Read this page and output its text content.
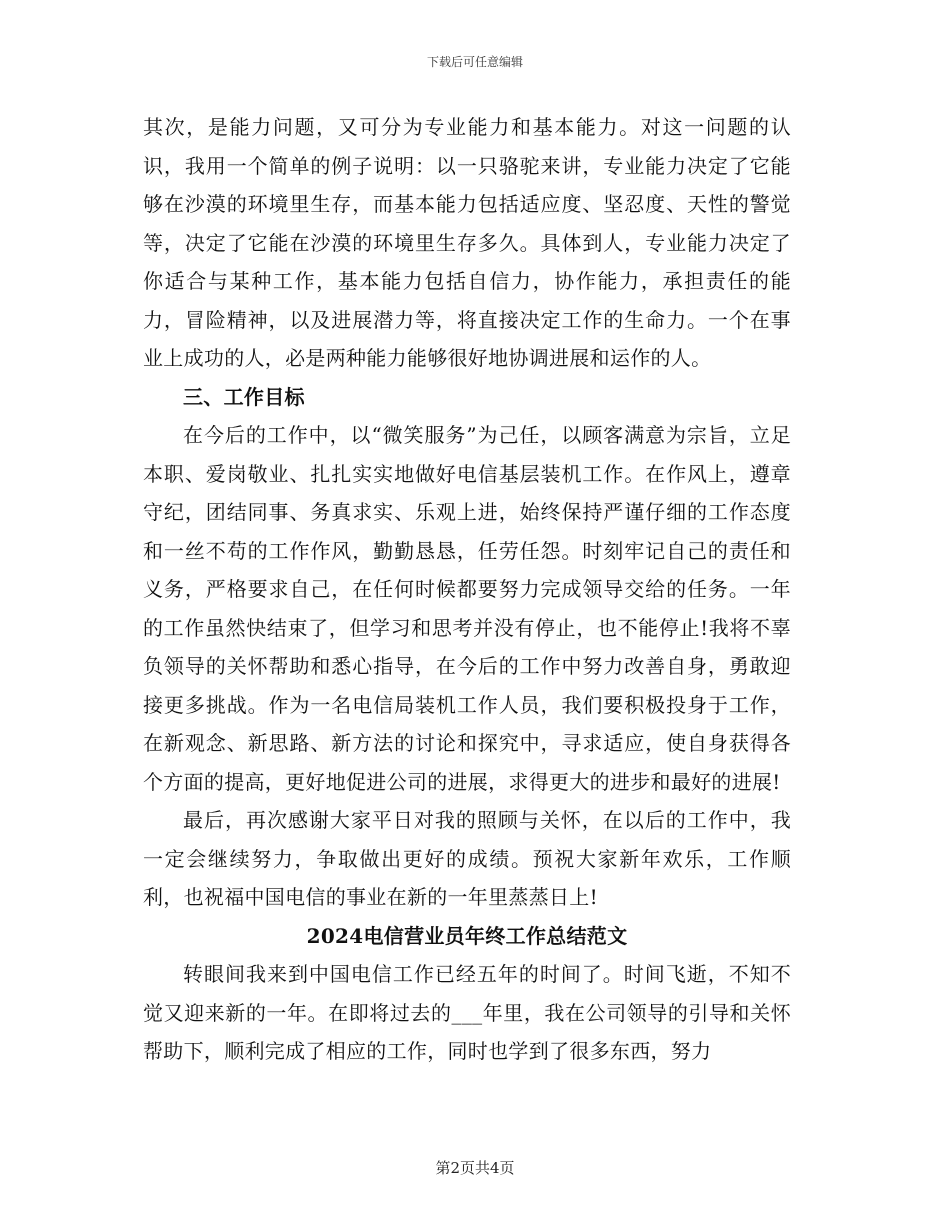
下载后可任意编辑

其次，是能力问题，又可分为专业能力和基本能力。对这一问题的认识，我用一个简单的例子说明：以一只骆驼来讲，专业能力决定了它能够在沙漠的环境里生存，而基本能力包括适应度、坚忍度、天性的警觉等，决定了它能在沙漠的环境里生存多久。具体到人，专业能力决定了你适合与某种工作，基本能力包括自信力，协作能力，承担责任的能力，冒险精神，以及进展潜力等，将直接决定工作的生命力。一个在事业上成功的人，必是两种能力能够很好地协调进展和运作的人。

三、工作目标

在今后的工作中，以“微笑服务”为己任，以顾客满意为宗旨，立足本职、爱岗敬业、扎扎实实地做好电信基层装机工作。在作风上，遵章守纪，团结同事、务真求实、乐观上进，始终保持严谨仔细的工作态度和一丝不苟的工作作风，勤勤恳恳，任劳任怨。时刻牢记自己的责任和义务，严格要求自己，在任何时候都要努力完成领导交给的任务。一年的工作虽然快结束了，但学习和思考并没有停止，也不能停止!我将不辜负领导的关怀帮助和悉心指导，在今后的工作中努力改善自身，勇敢迎接更多挑战。作为一名电信局装机工作人员，我们要积极投身于工作，在新观念、新思路、新方法的讨论和探究中，寻求适应，使自身获得各个方面的提高，更好地促进公司的进展，求得更大的进步和最好的进展!

最后，再次感谢大家平日对我的照顾与关怀，在以后的工作中，我一定会继续努力，争取做出更好的成绩。预祝大家新年欢乐，工作顺利，也祝福中国电信的事业在新的一年里蒸蒸日上!

2024电信营业员年终工作总结范文

转眼间我来到中国电信工作已经五年的时间了。时间飞逝，不知不觉又迎来新的一年。在即将过去的___年里，我在公司领导的引导和关怀帮助下，顺利完成了相应的工作，同时也学到了很多东西，努力

第2页共4页
